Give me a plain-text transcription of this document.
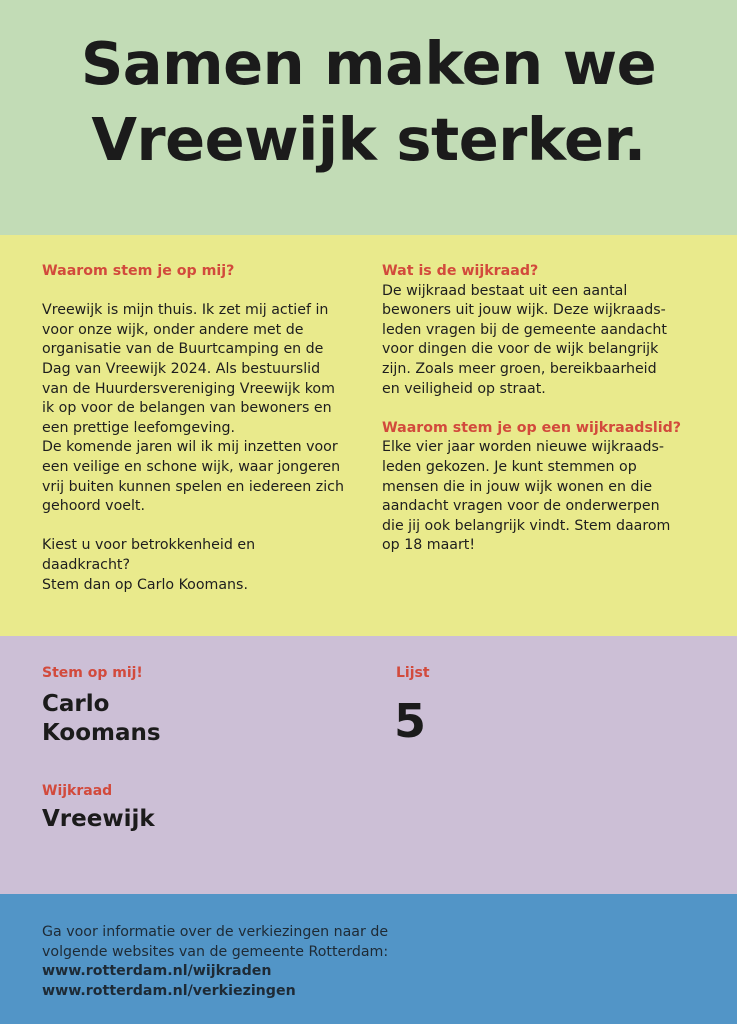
Samen maken we
Vreewijk sterker.

Waarom stem je op mij?

Vreewijk is mijn thuis. Ik zet mij actief in

voor onze wijk, onder andere met de

organisatie van de Buurtcamping en de

Dag van Vreewijk 2024. Als bestuurslid

van de Huurdersvereniging Vreewijk kom

ik op voor de belangen van bewoners en

een prettige leefomgeving.

De komende jaren wil ik mij inzetten voor

een veilige en schone wijk, waar jongeren

vrij buiten kunnen spelen en iedereen zich

gehoord voelt.

Kiest u voor betrokkenheid en

daadkracht?

Stem dan op Carlo Koomans.

Wat is de wijkraad?

De wijkraad bestaat uit een aantal

bewoners uit jouw wijk. Deze wijkraads-

leden vragen bij de gemeente aandacht

voor dingen die voor de wijk belangrijk

zijn. Zoals meer groen, bereikbaarheid

en veiligheid op straat.

Waarom stem je op een wijkraadslid?

Elke vier jaar worden nieuwe wijkraads-

leden gekozen. Je kunt stemmen op

mensen die in jouw wijk wonen en die

aandacht vragen voor de onderwerpen

die jij ook belangrijk vindt. Stem daarom

op 18 maart!

Stem op mij!
Carlo
Koomans
Lijst
5
Wijkraad
Vreewijk
Ga voor informatie over de verkiezingen naar de
volgende websites van de gemeente Rotterdam:
www.rotterdam.nl/wijkraden
www.rotterdam.nl/verkiezingen
